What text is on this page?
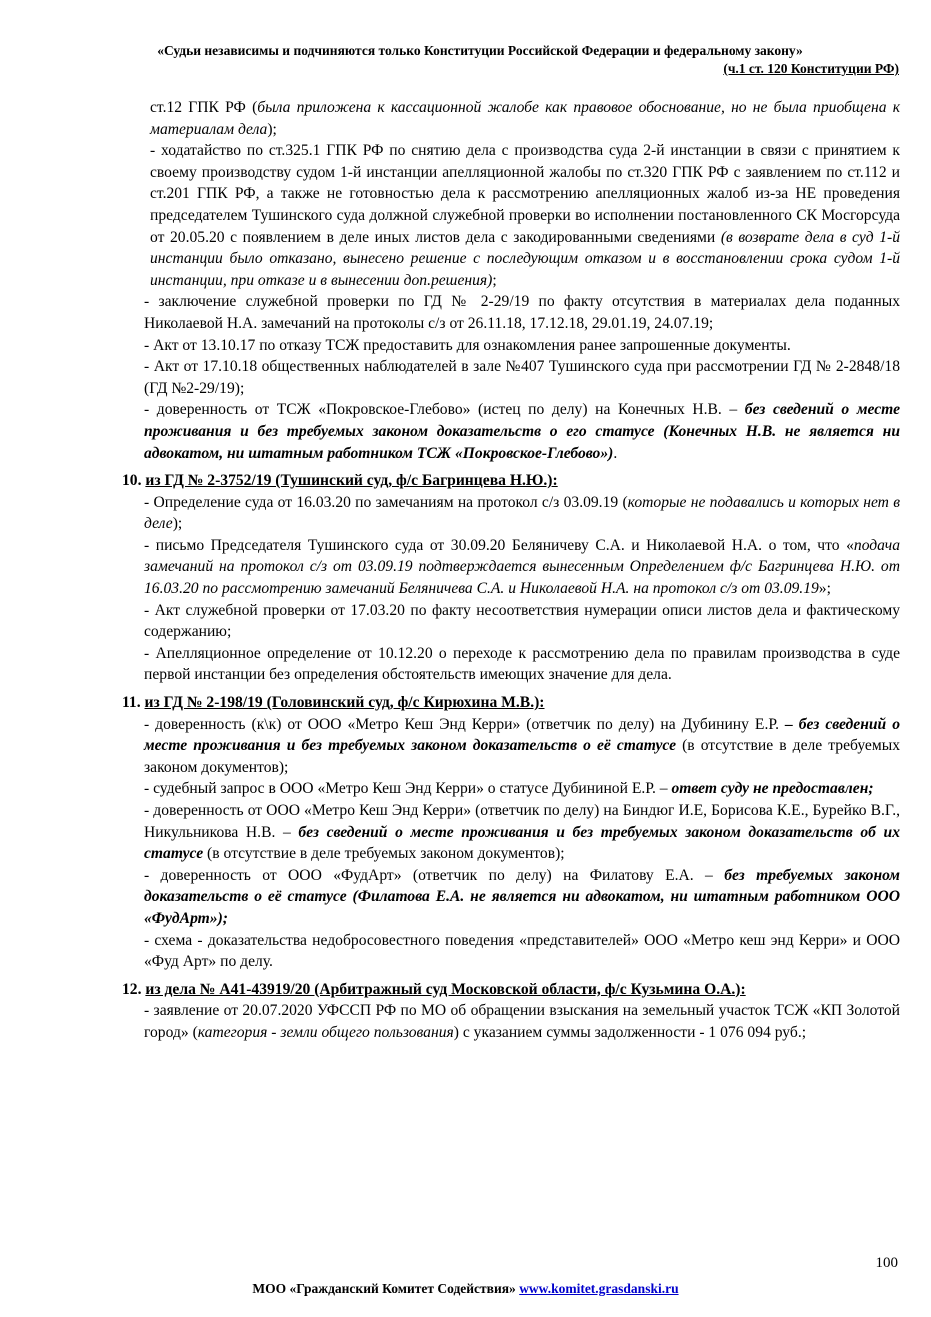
«Судьи независимы и подчиняются только Конституции Российской Федерации и федеральному закону»
(ч.1 ст. 120 Конституции РФ)

ст.12 ГПК РФ (была приложена к кассационной жалобе как правовое обоснование, но не была приобщена к материалам дела);

- ходатайство по ст.325.1 ГПК РФ по снятию дела с производства суда 2-й инстанции в связи с принятием к своему производству судом 1-й инстанции апелляционной жалобы по ст.320 ГПК РФ с заявлением по ст.112 и ст.201 ГПК РФ, а также не готовностью дела к рассмотрению апелляционных жалоб из-за НЕ проведения председателем Тушинского суда должной служебной проверки во исполнении постановленного СК Мосгорсуда от 20.05.20 с появлением в деле иных листов дела с закодированными сведениями (в возврате дела в суд 1-й инстанции было отказано, вынесено решение с последующим отказом и в восстановлении срока судом 1-й инстанции, при отказе и в вынесении доп.решения);

- заключение служебной проверки по ГД № 2-29/19 по факту отсутствия в материалах дела поданных Николаевой Н.А. замечаний на протоколы с/з от 26.11.18, 17.12.18, 29.01.19, 24.07.19;

- Акт от 13.10.17 по отказу ТСЖ предоставить для ознакомления ранее запрошенные документы.

- Акт от 17.10.18 общественных наблюдателей в зале №407 Тушинского суда при рассмотрении ГД № 2-2848/18 (ГД №2-29/19);

- доверенность от ТСЖ «Покровское-Глебово» (истец по делу) на Конечных Н.В. – без сведений о месте проживания и без требуемых законом доказательств о его статусе (Конечных Н.В. не является ни адвокатом, ни штатным работником ТСЖ «Покровское-Глебово»).

10. из ГД № 2-3752/19 (Тушинский суд, ф/с Багринцева Н.Ю.):

- Определение суда от 16.03.20 по замечаниям на протокол с/з 03.09.19 (которые не подавались и которых нет в деле);

- письмо Председателя Тушинского суда от 30.09.20 Беляничеву С.А. и Николаевой Н.А. о том, что «подача замечаний на протокол с/з от 03.09.19 подтверждается вынесенным Определением ф/с Багринцева Н.Ю. от 16.03.20 по рассмотрению замечаний Беляничева С.А. и Николаевой Н.А. на протокол с/з от 03.09.19»;

- Акт служебной проверки от 17.03.20 по факту несоответствия нумерации описи листов дела и фактическому содержанию;

- Апелляционное определение от 10.12.20 о переходе к рассмотрению дела по правилам производства в суде первой инстанции без определения обстоятельств имеющих значение для дела.

11. из ГД № 2-198/19 (Головинский суд, ф/с Кирюхина М.В.):

- доверенность (к\к) от ООО «Метро Кеш Энд Керри» (ответчик по делу) на Дубинину Е.Р. – без сведений о месте проживания и без требуемых законом доказательств о её статусе (в отсутствие в деле требуемых законом документов);

- судебный запрос в ООО «Метро Кеш Энд Керри» о статусе Дубининой Е.Р. – ответ суду не предоставлен;

- доверенность от ООО «Метро Кеш Энд Керри» (ответчик по делу) на Биндюг И.Е, Борисова К.Е., Бурейко В.Г., Никульникова Н.В. – без сведений о месте проживания и без требуемых законом доказательств об их статусе (в отсутствие в деле требуемых законом документов);

- доверенность от ООО «ФудАрт» (ответчик по делу) на Филатову Е.А. – без требуемых законом доказательств о её статусе (Филатова Е.А. не является ни адвокатом, ни штатным работником ООО «ФудАрт»);

- схема - доказательства недобросовестного поведения «представителей» ООО «Метро кеш энд Керри» и ООО «Фуд Арт» по делу.

12. из дела № А41-43919/20 (Арбитражный суд Московской области, ф/с Кузьмина О.А.):

- заявление от 20.07.2020 УФССП РФ по МО об обращении взыскания на земельный участок ТСЖ «КП Золотой город» (категория - земли общего пользования) с указанием суммы задолженности - 1 076 094 руб.;

100
МОО «Гражданский Комитет Содействия» www.komitet.grasdanski.ru
